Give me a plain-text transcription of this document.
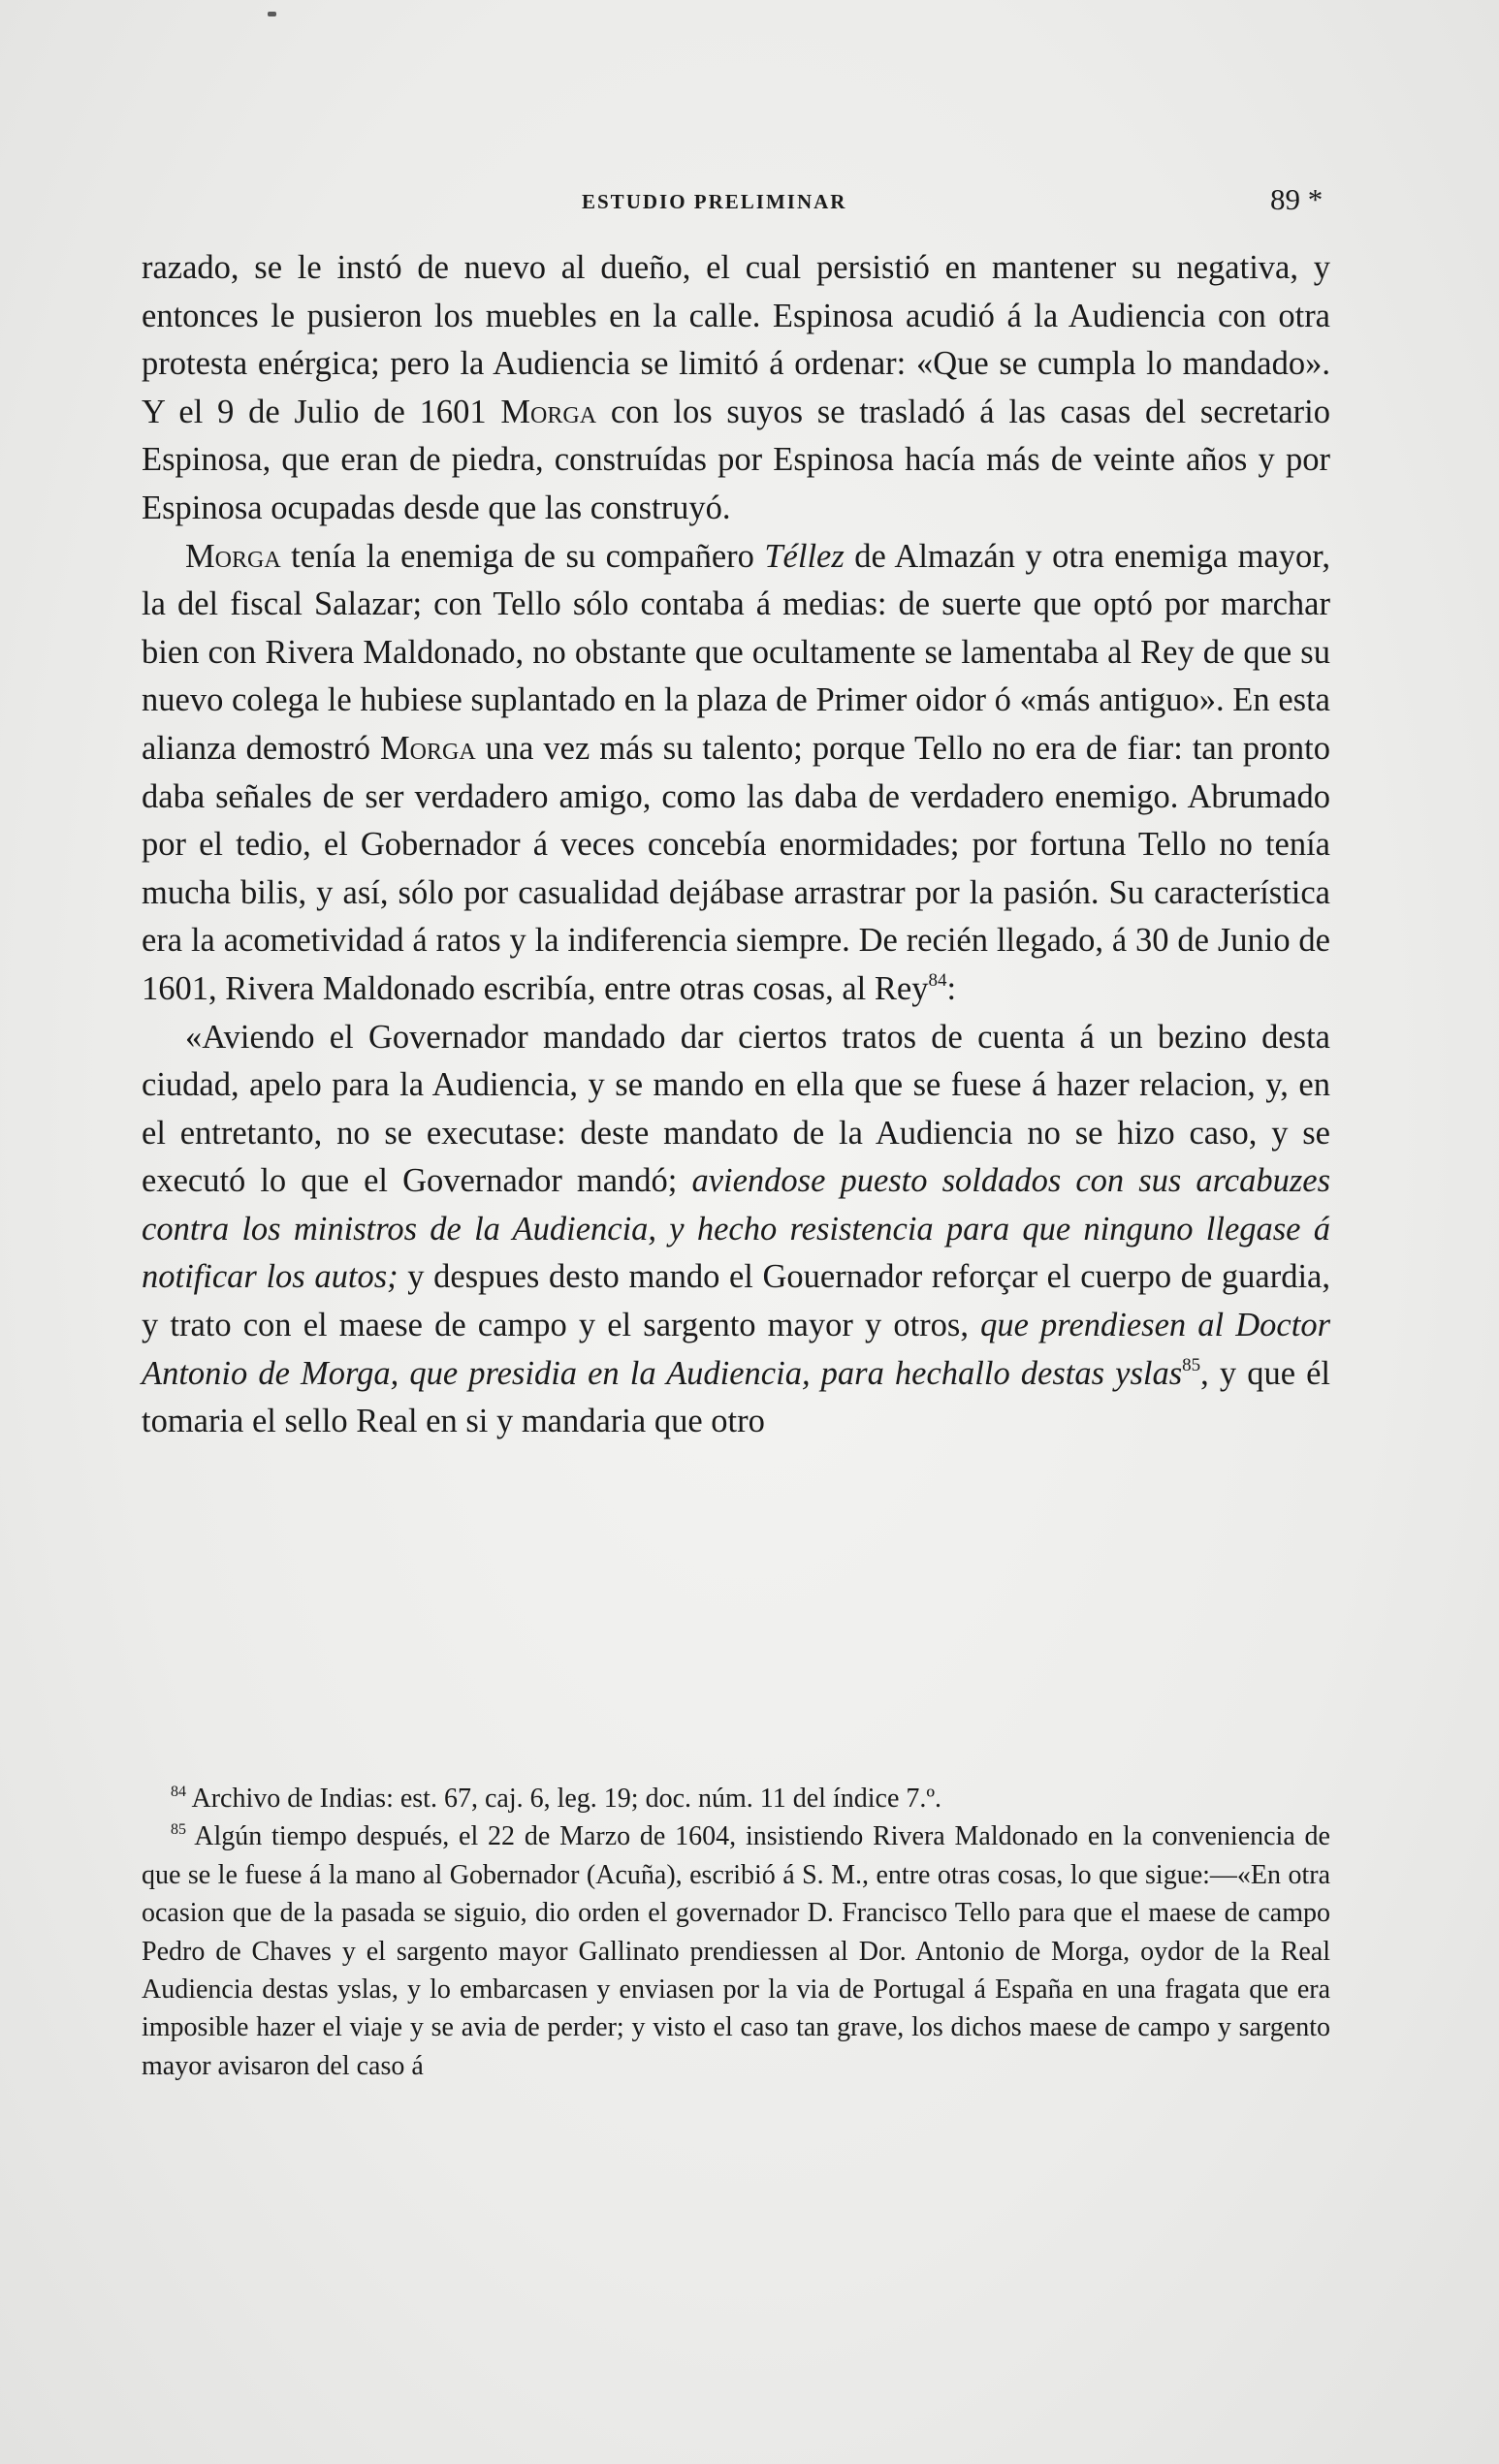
ESTUDIO PRELIMINAR	89 *

razado, se le instó de nuevo al dueño, el cual persistió en mantener su negativa, y entonces le pusieron los muebles en la calle. Espinosa acudió á la Audiencia con otra protesta enérgica; pero la Audiencia se limitó á ordenar: «Que se cumpla lo mandado». Y el 9 de Julio de 1601 Morga con los suyos se trasladó á las casas del secretario Espinosa, que eran de piedra, construídas por Espinosa hacía más de veinte años y por Espinosa ocupadas desde que las construyó.

Morga tenía la enemiga de su compañero Téllez de Almazán y otra enemiga mayor, la del fiscal Salazar; con Tello sólo contaba á medias: de suerte que optó por marchar bien con Rivera Maldonado, no obstante que ocultamente se lamentaba al Rey de que su nuevo colega le hubiese suplantado en la plaza de Primer oidor ó «más antiguo». En esta alianza demostró Morga una vez más su talento; porque Tello no era de fiar: tan pronto daba señales de ser verdadero amigo, como las daba de verdadero enemigo. Abrumado por el tedio, el Gobernador á veces concebía enormidades; por fortuna Tello no tenía mucha bilis, y así, sólo por casualidad dejábase arrastrar por la pasión. Su característica era la acometividad á ratos y la indiferencia siempre. De recién llegado, á 30 de Junio de 1601, Rivera Maldonado escribía, entre otras cosas, al Rey$^{84}$:

«Aviendo el Governador mandado dar ciertos tratos de cuenta á un bezino desta ciudad, apelo para la Audiencia, y se mando en ella que se fuese á hazer relacion, y, en el entretanto, no se executase: deste mandato de la Audiencia no se hizo caso, y se executó lo que el Governador mandó; aviendose puesto soldados con sus arcabuzes contra los ministros de la Audiencia, y hecho resistencia para que ninguno llegase á notificar los autos; y despues desto mando el Gouernador reforçar el cuerpo de guardia, y trato con el maese de campo y el sargento mayor y otros, que prendiesen al Doctor Antonio de Morga, que presidia en la Audiencia, para hechallo destas yslas$^{85}$, y que él tomaria el sello Real en si y mandaria que otro

$^{84}$ Archivo de Indias: est. 67, caj. 6, leg. 19; doc. núm. 11 del índice 7.º.

$^{85}$ Algún tiempo después, el 22 de Marzo de 1604, insistiendo Rivera Maldonado en la conveniencia de que se le fuese á la mano al Gobernador (Acuña), escribió á S. M., entre otras cosas, lo que sigue:—«En otra ocasion que de la pasada se siguio, dio orden el governador D. Francisco Tello para que el maese de campo Pedro de Chaves y el sargento mayor Gallinato prendiessen al Dor. Antonio de Morga, oydor de la Real Audiencia destas yslas, y lo embarcasen y enviasen por la via de Portugal á España en una fragata que era imposible hazer el viaje y se avia de perder; y visto el caso tan grave, los dichos maese de campo y sargento mayor avisaron del caso á
